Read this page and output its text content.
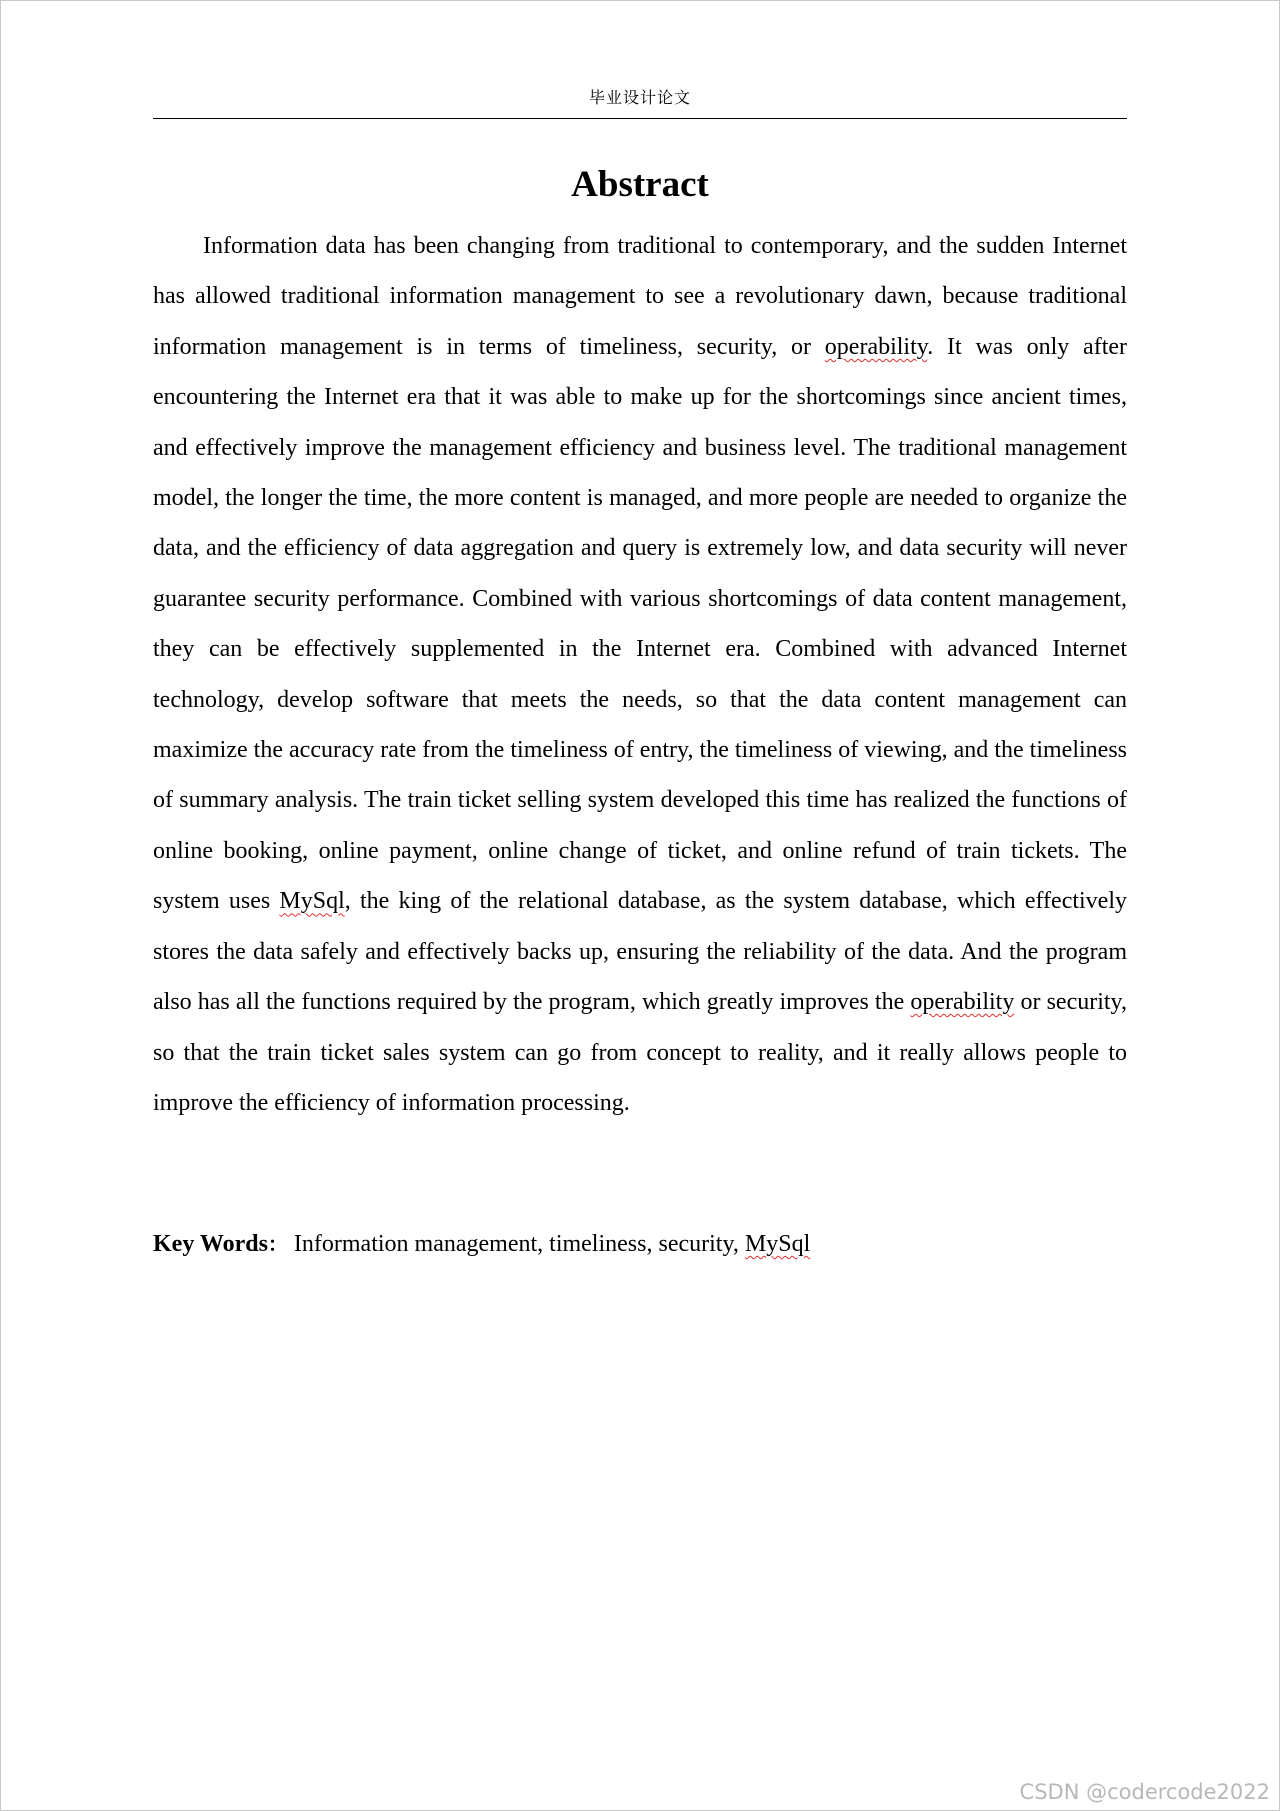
毕业设计论文
Abstract

Information data has been changing from traditional to contemporary, and the sudden Internet has allowed traditional information management to see a revolutionary dawn, because traditional information management is in terms of timeliness, security, or operability. It was only after encountering the Internet era that it was able to make up for the shortcomings since ancient times, and effectively improve the management efficiency and business level. The traditional management model, the longer the time, the more content is managed, and more people are needed to organize the data, and the efficiency of data aggregation and query is extremely low, and data security will never guarantee security performance. Combined with various shortcomings of data content management, they can be effectively supplemented in the Internet era. Combined with advanced Internet technology, develop software that meets the needs, so that the data content management can maximize the accuracy rate from the timeliness of entry, the timeliness of viewing, and the timeliness of summary analysis. The train ticket selling system developed this time has realized the functions of online booking, online payment, online change of ticket, and online refund of train tickets. The system uses MySql, the king of the relational database, as the system database, which effectively stores the data safely and effectively backs up, ensuring the reliability of the data. And the program also has all the functions required by the program, which greatly improves the operability or security, so that the train ticket sales system can go from concept to reality, and it really allows people to improve the efficiency of information processing.

Key Words： Information management, timeliness, security, MySql

CSDN @codercode2022
